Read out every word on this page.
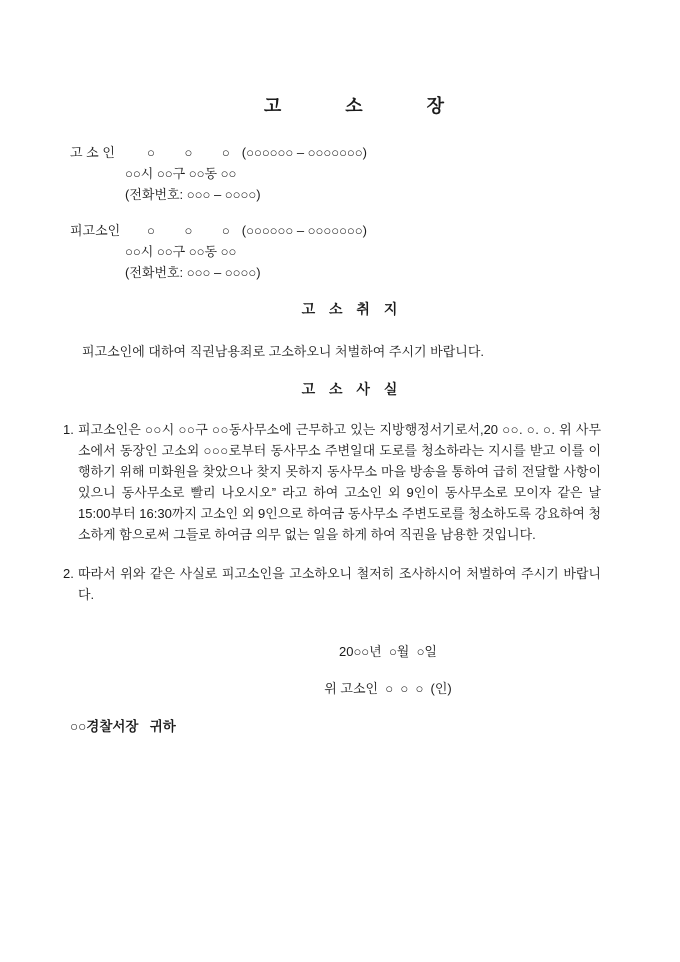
고 소 장
고 소 인	○ ○ ○ (○○○○○○ – ○○○○○○○)
○○시 ○○구 ○○동 ○○
(전화번호: ○○○ – ○○○○)
피고소인	○ ○ ○ (○○○○○○ – ○○○○○○○)
○○시 ○○구 ○○동 ○○
(전화번호: ○○○ – ○○○○)
고 소 취 지
피고소인에 대하여 직권남용죄로 고소하오니 처벌하여 주시기 바랍니다.
고 소 사 실
1. 피고소인은 ○○시 ○○구 ○○동사무소에 근무하고 있는 지방행정서기로서,20 ○○. ○. ○. 위 사무소에서 동장인 고소외 ○○○로부터 동사무소 주변일대 도로를 청소하라는 지시를 받고 이를 이행하기 위해 미화원을 찾았으나 찾지 못하지 동사무소 마을 방송을 통하여 급히 전달할 사항이 있으니 동사무소로 빨리 나오시오” 라고 하여 고소인 외 9인이 동사무소로 모이자 같은 날 15:00부터 16:30까지 고소인 외 9인으로 하여금 동사무소 주변도로를 청소하도록 강요하여 청소하게 함으로써 그들로 하여금 의무 없는 일을 하게 하여 직권을 남용한 것입니다.
2. 따라서 위와 같은 사실로 피고소인을 고소하오니 철저히 조사하시어 처벌하여 주시기 바랍니다.
20○○년  ○월  ○일
위 고소인  ○  ○  ○  (인)
○○경찰서장   귀하
